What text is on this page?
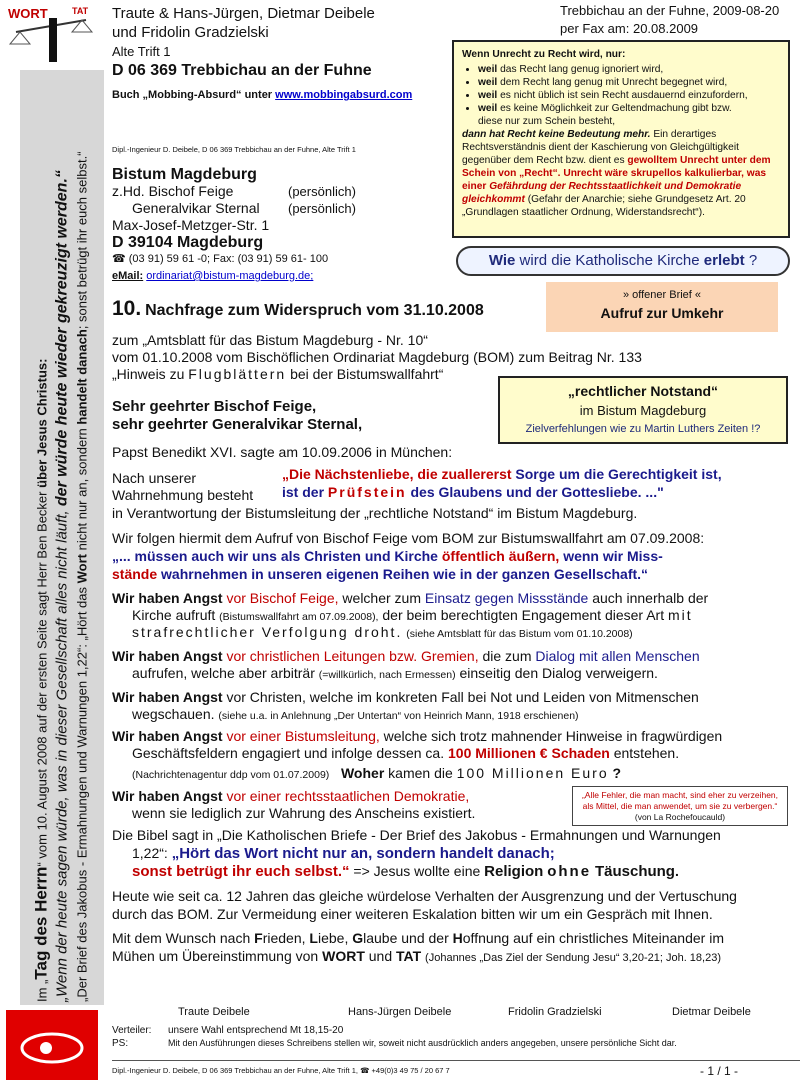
WORT	TAT Traute & Hans-Jürgen, Dietmar Deibele
und Fridolin Gradzielski
Alte Trift 1
D 06 369 Trebbichau an der Fuhne
Buch „Mobbing-Absurd“ unter www.mobbingabsurd.com
Trebbichau an der Fuhne, 2009-08-20
per Fax am: 20.08.2009
Wenn Unrecht zu Recht wird, nur:
• weil das Recht lang genug ignoriert wird,
• weil dem Recht lang genug mit Unrecht begegnet wird,
• weil es nicht üblich ist sein Recht ausdauernd einzufordern,
• weil es keine Möglichkeit zur Geltendmachung gibt bzw.
diese nur zum Schein besteht,
dann hat Recht keine Bedeutung mehr. Ein derartiges Rechtsverständnis dient der Kaschierung von Gleichgültigkeit gegenüber dem Recht bzw. dient es gewolltem Unrecht unter dem Schein von „Recht“. Unrecht wäre skrupellos kalkulierbar, was einer Gefährdung der Rechtsstaatlichkeit und Demokratie gleichkommt (Gefahr der Anarchie; siehe Grundgesetz Art. 20 „Grundlagen staatlicher Ordnung, Widerstandsrecht“).
Wie wird die Katholische Kirche erlebt ?
Dipl.-Ingenieur D. Deibele, D 06 369 Trebbichau an der Fuhne, Alte Trift 1
Bistum Magdeburg
z.Hd. Bischof Feige	(persönlich)
Generalvikar Sternal (persönlich)
Max-Josef-Metzger-Str. 1
D 39104 Magdeburg
☎ (03 91) 59 61 -0; Fax: (03 91) 59 61- 100
eMail: ordinariat@bistum-magdeburg.de;
Im „Tag des Herrn“ vom 10. August 2008 auf der ersten Seite sagt Herr Ben Becker über Jesus Christus:
„Wenn der heute sagen würde, was in dieser Gesellschaft alles nicht läuft, der würde heute wieder gekreuzigt werden.“
„Der Brief des Jakobus - Ermahnungen und Warnungen 1,22“: „Hört das Wort nicht nur an, sondern handelt danach; sonst betrügt ihr euch selbst.“	» offener Brief «
Aufruf zur Umkehr
„rechtlicher Notstand“
im Bistum Magdeburg
Zielverfehlungen wie zu Martin Luthers Zeiten !?
10. Nachfrage zum Widerspruch vom 31.10.2008
zum „Amtsblatt für das Bistum Magdeburg - Nr. 10“
vom 01.10.2008 vom Bischöflichen Ordinariat Magdeburg (BOM) zum Beitrag Nr. 133
„Hinweis zu Flugblättern bei der Bistumswallfahrt“
Sehr geehrter Bischof Feige,
sehr geehrter Generalvikar Sternal,
Papst Benedikt XVI. sagte am 10.09.2006 in München:
Nach unserer
Wahrnehmung besteht
„Die Nächstenliebe, die zuallererst Sorge um die Gerechtigkeit ist,
ist der Prüfstein des Glaubens und der Gottesliebe. ..."
in Verantwortung der Bistumsleitung der „rechtliche Notstand“ im Bistum Magdeburg.
Wir folgen hiermit dem Aufruf von Bischof Feige vom BOM zur Bistumswallfahrt am 07.09.2008:
„... müssen auch wir uns als Christen und Kirche öffentlich äußern, wenn wir Miss-
stände wahrnehmen in unseren eigenen Reihen wie in der ganzen Gesellschaft.“
Wir haben Angst vor Bischof Feige, welcher zum Einsatz gegen Missstände auch innerhalb der
Kirche aufruft (Bistumswallfahrt am 07.09.2008), der beim berechtigten Engagement dieser Art mit
strafrechtlicher Verfolgung droht. (siehe Amtsblatt für das Bistum vom 01.10.2008)
Wir haben Angst vor christlichen Leitungen bzw. Gremien, die zum Dialog mit allen Menschen
aufrufen, welche aber arbiträr (=willkürlich, nach Ermessen) einseitig den Dialog verweigern.
Wir haben Angst vor Christen, welche im konkreten Fall bei Not und Leiden von Mitmenschen
wegschauen. (siehe u.a. in Anlehnung „Der Untertan“ von Heinrich Mann, 1918 erschienen)
Wir haben Angst vor einer Bistumsleitung, welche sich trotz mahnender Hinweise in fragwürdigen
Geschäftsfeldern engagiert und infolge dessen ca. 100 Millionen € Schaden entstehen.
(Nachrichtenagentur ddp vom 01.07.2009) Woher kamen die 100 Millionen Euro ?
Wir haben Angst vor einer rechtsstaatlichen Demokratie,
wenn sie lediglich zur Wahrung des Anscheins existiert.
Die Bibel sagt in „Die Katholischen Briefe - Der Brief des Jakobus - Ermahnungen und Warnungen
1,22“: „Hört das Wort nicht nur an, sondern handelt danach;
sonst betrügt ihr euch selbst.“ => Jesus wollte eine Religion ohne Täuschung.
Heute wie seit ca. 12 Jahren das gleiche würdelose Verhalten der Ausgrenzung und der Vertuschung
durch das BOM. Zur Vermeidung einer weiteren Eskalation bitten wir um ein Gespräch mit Ihnen.
Mit dem Wunsch nach Frieden, Liebe, Glaube und der Hoffnung auf ein christliches Miteinander im
Mühen um Übereinstimmung von WORT und TAT (Johannes „Das Ziel der Sendung Jesu“ 3,20-21; Joh. 18,23)
„Alle Fehler, die man macht, sind eher zu verzeihen,
als Mittel, die man anwendet, um sie zu verbergen.“
(von La Rochefoucauld)
Traute Deibele	Hans-Jürgen Deibele	Fridolin Gradzielski	Dietmar Deibele
Verteiler: unsere Wahl entsprechend Mt 18,15-20
PS:	Mit den Ausführungen dieses Schreibens stellen wir, soweit nicht ausdrücklich anders angegeben, unsere persönliche Sicht dar.
Dipl.-Ingenieur D. Deibele, D 06 369 Trebbichau an der Fuhne, Alte Trift 1, ☎ +49(0)3 49 75 / 20 67 7	- 1 / 1 -
